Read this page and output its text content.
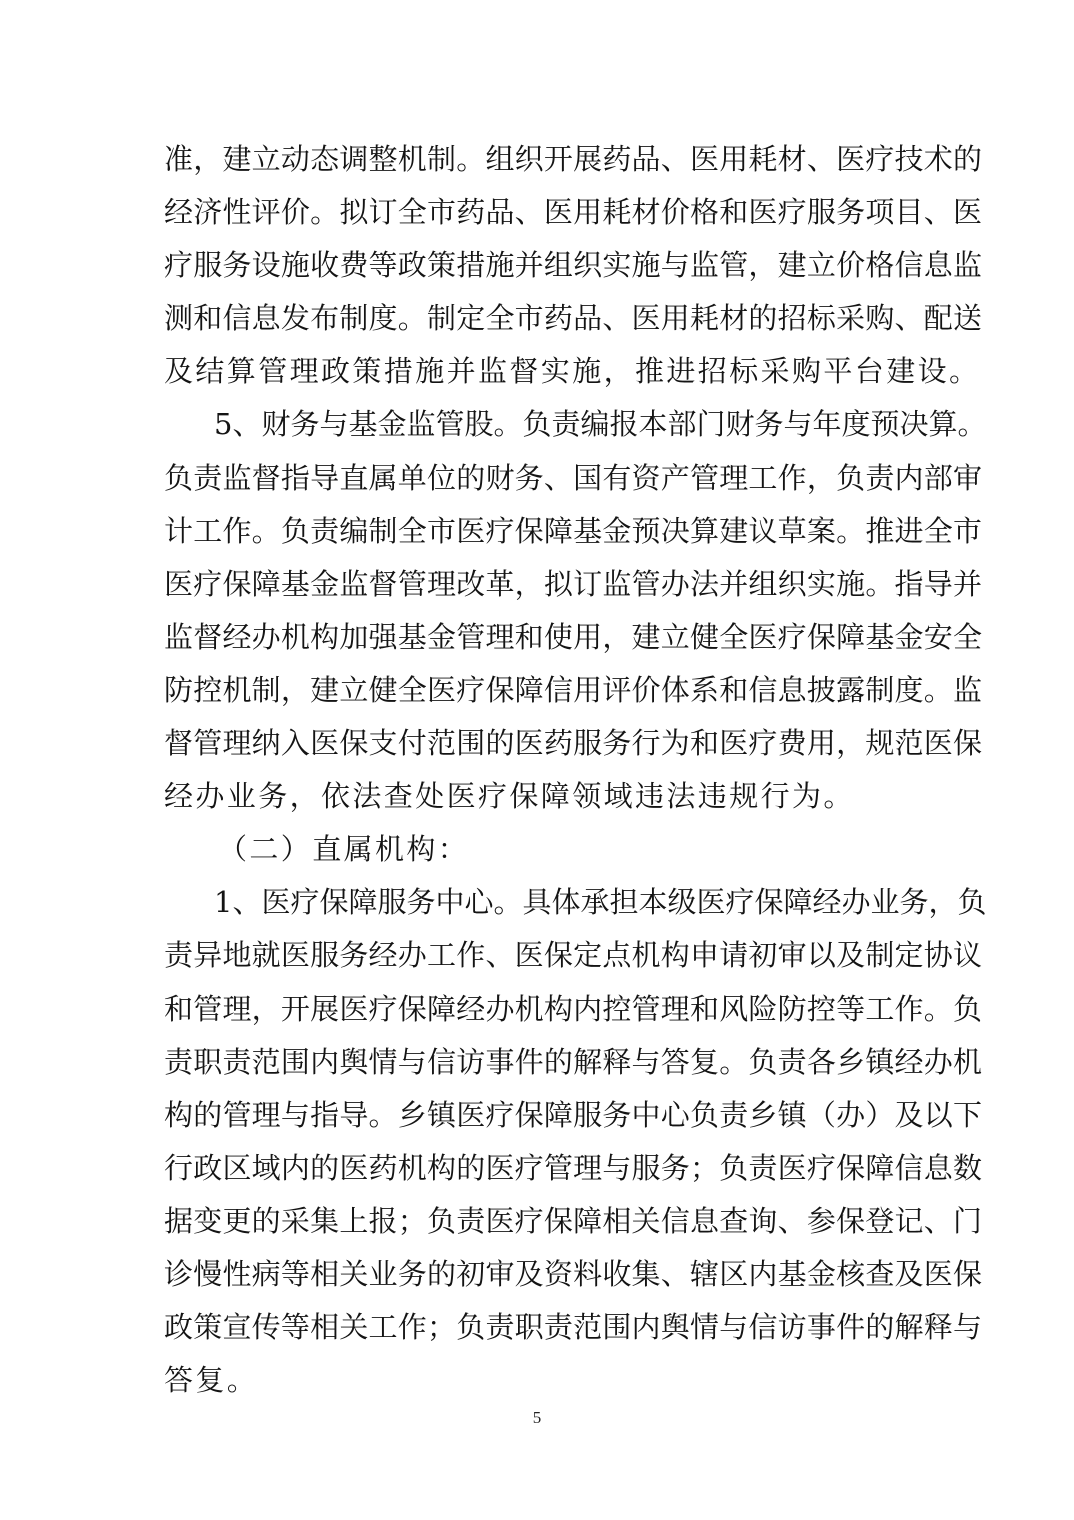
准，建立动态调整机制。组织开展药品、医用耗材、医疗技术的
经济性评价。拟订全市药品、医用耗材价格和医疗服务项目、医
疗服务设施收费等政策措施并组织实施与监管，建立价格信息监
测和信息发布制度。制定全市药品、医用耗材的招标采购、配送
及结算管理政策措施并监督实施，推进招标采购平台建设。
5、财务与基金监管股。负责编报本部门财务与年度预决算。
负责监督指导直属单位的财务、国有资产管理工作，负责内部审
计工作。负责编制全市医疗保障基金预决算建议草案。推进全市
医疗保障基金监督管理改革，拟订监管办法并组织实施。指导并
监督经办机构加强基金管理和使用，建立健全医疗保障基金安全
防控机制，建立健全医疗保障信用评价体系和信息披露制度。监
督管理纳入医保支付范围的医药服务行为和医疗费用，规范医保
经办业务，依法查处医疗保障领域违法违规行为。
（二）直属机构：
1、医疗保障服务中心。具体承担本级医疗保障经办业务，负
责异地就医服务经办工作、医保定点机构申请初审以及制定协议
和管理，开展医疗保障经办机构内控管理和风险防控等工作。负
责职责范围内舆情与信访事件的解释与答复。负责各乡镇经办机
构的管理与指导。乡镇医疗保障服务中心负责乡镇（办）及以下
行政区域内的医药机构的医疗管理与服务；负责医疗保障信息数
据变更的采集上报；负责医疗保障相关信息查询、参保登记、门
诊慢性病等相关业务的初审及资料收集、辖区内基金核查及医保
政策宣传等相关工作；负责职责范围内舆情与信访事件的解释与
答复。
5
